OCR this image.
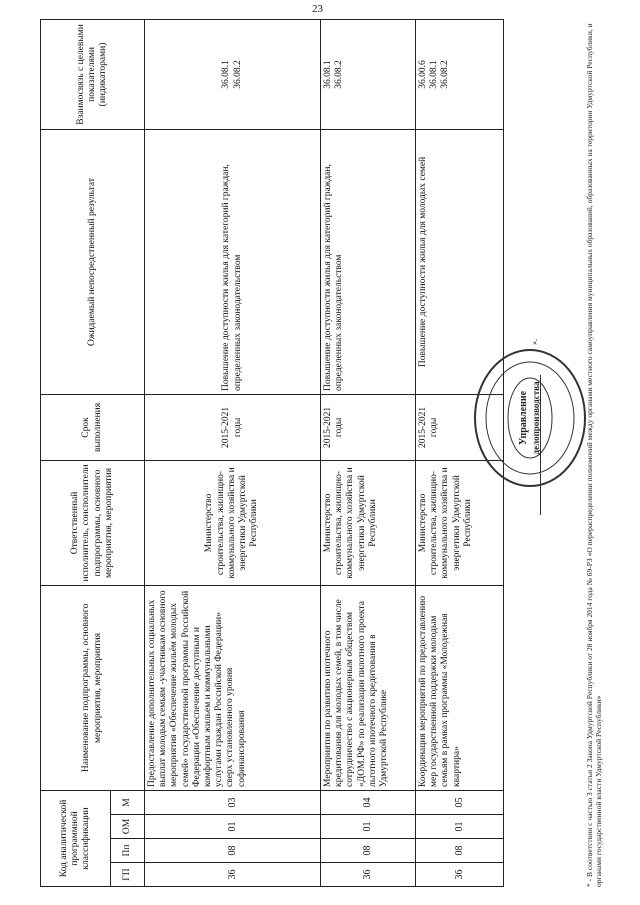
23
Код аналитической программной классификации				Наименование подпрограммы, основного мероприятия, мероприятия	Ответственный исполнитель, соисполнители подпрограммы, основного мероприятия, мероприятия	Срок выполнения	Ожидаемый непосредственный результат	Взаимосвязь с целевыми показателями (индикаторами)
ГП	Пп	ОМ	М					
36	08	01	03	Предоставление дополнительных социальных выплат молодым семьям -участникам основного мероприятия «Обеспечение жильём молодых семей» государственной программы Российской Федерации «Обеспечение доступным и комфортным жильем и коммунальными услугами граждан Российской Федерации» сверх установленного уровня софинансирования	Министерство строительства, жилищно-коммунального хозяйства и энергетики Удмуртской Республики	2015-2021 годы	Повышение доступности жилья для категорий граждан, определенных законодательством	36.08.1 36.08.2

36	08	01	04	Мероприятия по развитию ипотечного кредитования для молодых семей, в том числе сотрудничество с акционерным обществом «ДОМ.РФ» по реализации пилотного проекта льготного ипотечного кредитования в Удмуртской Республике	Министерство строительства, жилищно-коммунального хозяйства и энергетики Удмуртской Республики	2015-2021 годы	Повышение доступности жилья для категорий граждан, определенных законодательством	36.08.1 36.08.2

36	08	01	05	Координация мероприятий по предоставлению мер государственной поддержки молодым семьям в рамках программы «Молодежная квартира»	Министерство строительства, жилищно-коммунального хозяйства и энергетики Удмуртской Республики	2015-2021 годы	Повышение доступности жилья для молодых семей	36.00.6 36.08.1 36.08.2
».
Управление делопроизводства	* - В соответствии с частью 3 статьи 2 Закона Удмуртской Республики от 28 ноября 2014 года № 69-РЗ «О перераспределении полномочий между органами местного самоуправления муниципальных образований, образованных на территории Удмуртской Республики, и органами государственной власти Удмуртской Республики»
